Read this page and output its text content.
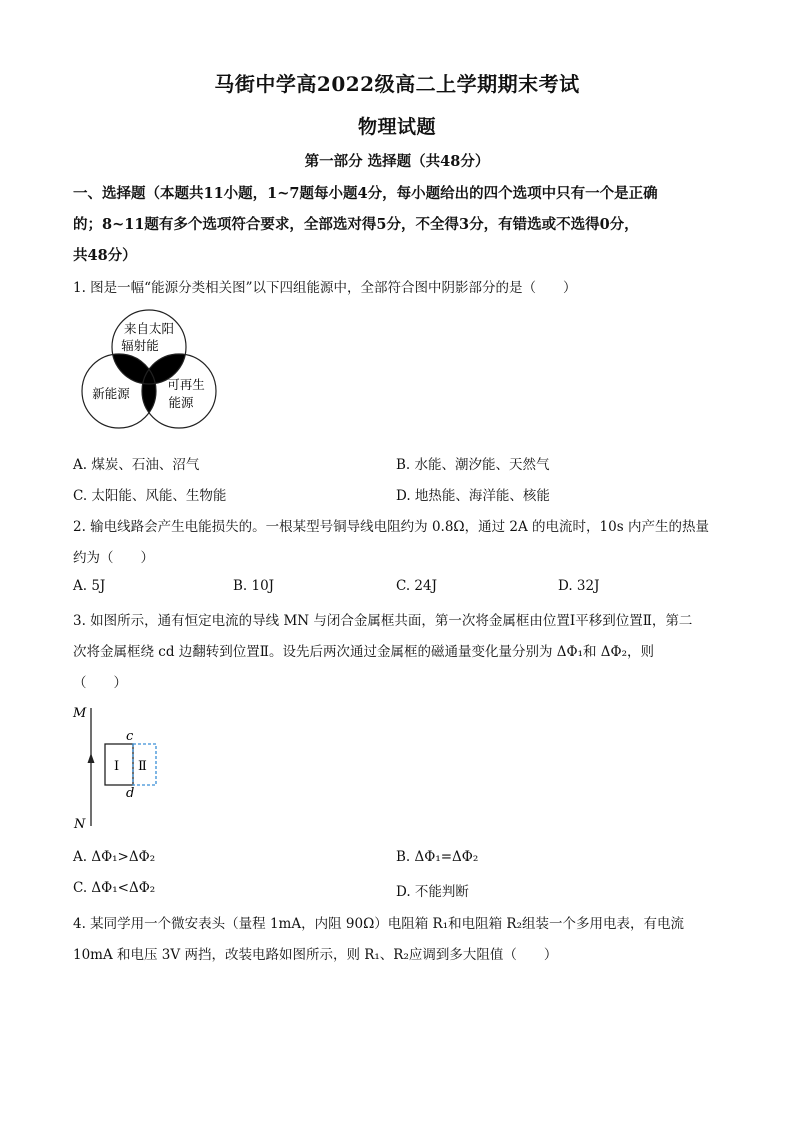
马街中学高2022级高二上学期期末考试
物理试题
第一部分 选择题（共48分）
一、选择题（本题共11小题，1~7题每小题4分，每小题给出的四个选项中只有一个是正确
的；8~11题有多个选项符合要求，全部选对得5分，不全得3分，有错选或不选得0分，
共48分）
1. 图是一幅“能源分类相关图”以下四组能源中，全部符合图中阴影部分的是（　　）
来自太阳
辐射能
新能源
可再生
能源
A. 煤炭、石油、沼气	B. 水能、潮汐能、天然气
C. 太阳能、风能、生物能	D. 地热能、海洋能、核能
2. 输电线路会产生电能损失的。一根某型号铜导线电阻约为 0.8Ω，通过 2A 的电流时，10s 内产生的热量
约为（　　）
A. 5J	B. 10J	C. 24J	D. 32J
3. 如图所示，通有恒定电流的导线 MN 与闭合金属框共面，第一次将金属框由位置Ⅰ平移到位置Ⅱ，第二
次将金属框绕 cd 边翻转到位置Ⅱ。设先后两次通过金属框的磁通量变化量分别为 ΔΦ₁和 ΔΦ₂，则
（　　）
M
N
c
d
Ⅰ Ⅱ
A. ΔΦ₁>ΔΦ₂	B. ΔΦ₁=ΔΦ₂
C. ΔΦ₁<ΔΦ₂	D. 不能判断
4. 某同学用一个微安表头（量程 1mA，内阻 90Ω）电阻箱 R₁和电阻箱 R₂组装一个多用电表，有电流
10mA 和电压 3V 两挡，改装电路如图所示，则 R₁、R₂应调到多大阻值（　　）
